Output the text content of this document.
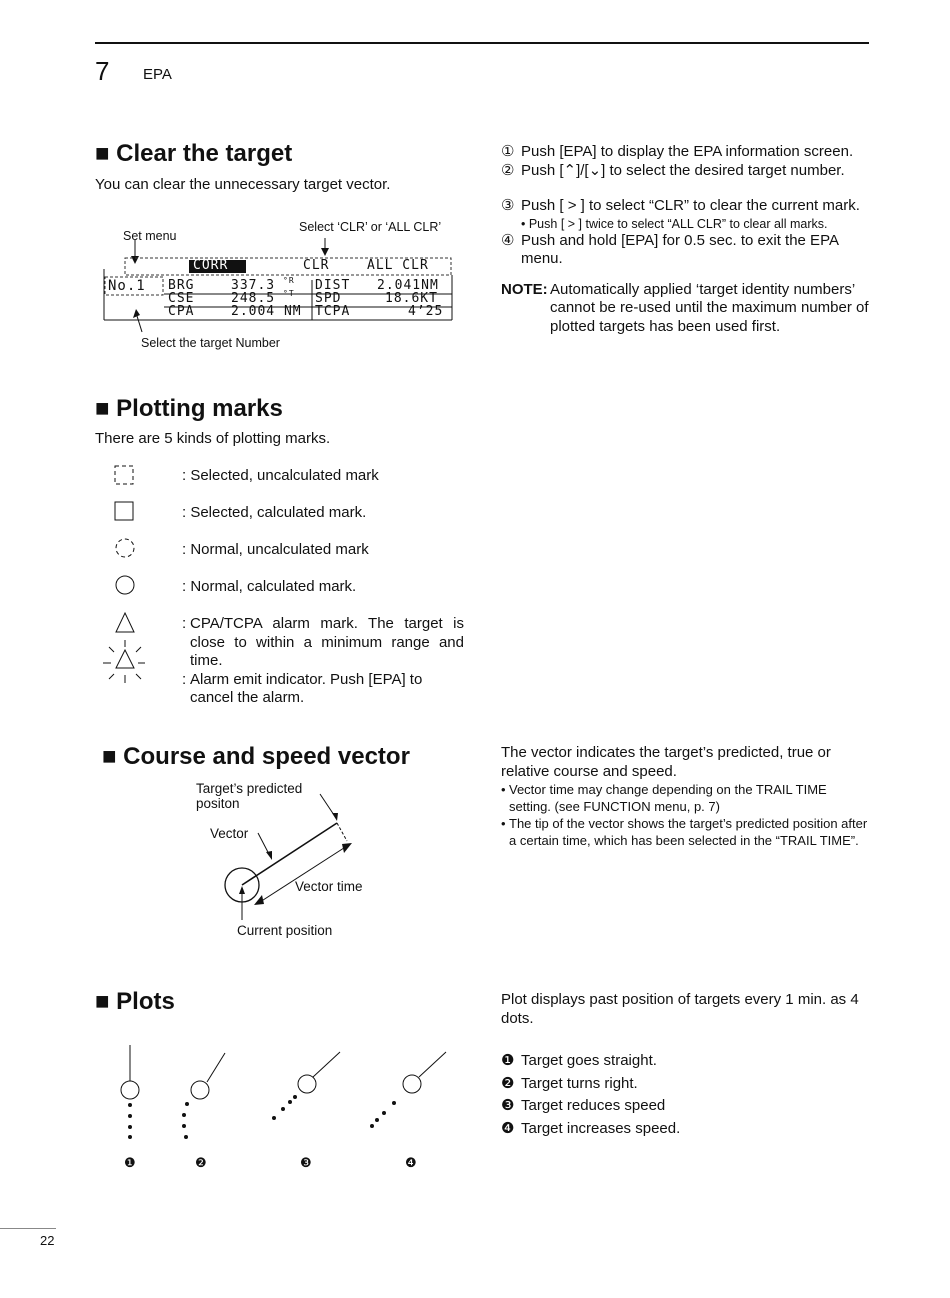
7 EPA
■ Clear the target
You can clear the unnecessary target vector.
Set menu
Select ‘CLR’ or ‘ALL CLR’
Select the target Number
CORR	CLR	ALL CLR
No.1 BRG	337.3 °R DIST 2.041NM
CSE	248.5 °T SPD	18.6KT
CPA	2.004 NM TCPA	4’25
① Push [EPA] to display the EPA information screen.
② Push [⌃]/[⌄] to select the desired target number.
③ Push [ > ] to select “CLR” to clear the current mark.
• Push [ > ] twice to select “ALL CLR” to clear all marks.
④ Push and hold [EPA] for 0.5 sec. to exit the EPA menu.
NOTE: Automatically applied ‘target identity numbers’ cannot be re-used until the maximum number of plotted targets has been used first.
■ Plotting marks
There are 5 kinds of plotting marks.
: Selected, uncalculated mark
: Selected, calculated mark.
: Normal, uncalculated mark
: Normal, calculated mark.
: CPA/TCPA alarm mark. The target is close to within a minimum range and time.
: Alarm emit indicator. Push [EPA] to cancel the alarm.
■ Course and speed vector
Target’s predicted
positon
Vector
Vector time
Current position
The vector indicates the target’s predicted, true or relative course and speed.
• Vector time may change depending on the TRAIL TIME setting. (see FUNCTION menu, p. 7)
• The tip of the vector shows the target’s predicted position after a certain time, which has been selected in the “TRAIL TIME”.
■ Plots
❶	❷	❸	❹
Plot displays past position of targets every 1 min. as 4 dots.
❶ Target goes straight.
❷ Target turns right.
❸ Target reduces speed
❹ Target increases speed.
22
